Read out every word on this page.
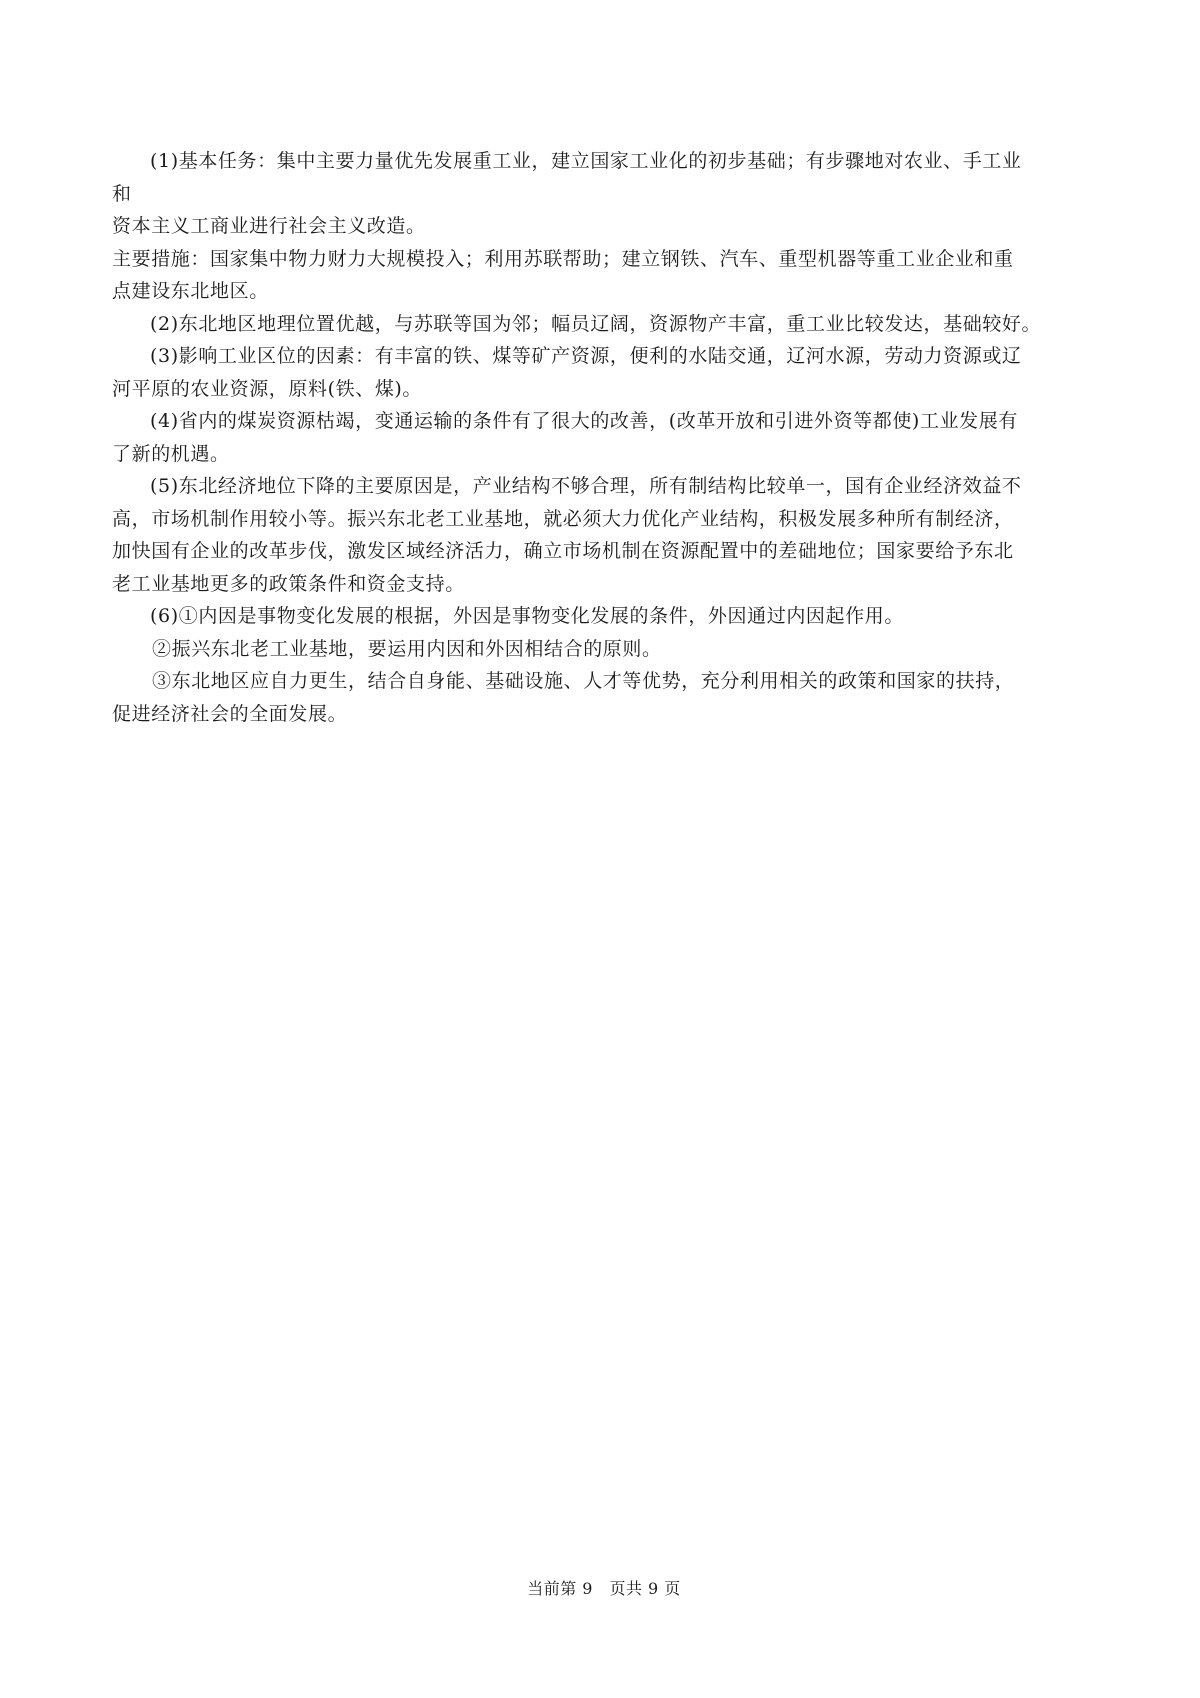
(1)基本任务：集中主要力量优先发展重工业，建立国家工业化的初步基础；有步骤地对农业、手工业
和
资本主义工商业进行社会主义改造。
主要措施：国家集中物力财力大规模投入；利用苏联帮助；建立钢铁、汽车、重型机器等重工业企业和重
点建设东北地区。
(2)东北地区地理位置优越，与苏联等国为邻；幅员辽阔，资源物产丰富，重工业比较发达，基础较好。
(3)影响工业区位的因素：有丰富的铁、煤等矿产资源，便利的水陆交通，辽河水源，劳动力资源或辽
河平原的农业资源，原料(铁、煤)。
(4)省内的煤炭资源枯竭，变通运输的条件有了很大的改善，(改革开放和引进外资等都使)工业发展有
了新的机遇。
(5)东北经济地位下降的主要原因是，产业结构不够合理，所有制结构比较单一，国有企业经济效益不
高，市场机制作用较小等。振兴东北老工业基地，就必须大力优化产业结构，积极发展多种所有制经济，
加快国有企业的改革步伐，激发区域经济活力，确立市场机制在资源配置中的差础地位；国家要给予东北
老工业基地更多的政策条件和资金支持。
(6)①内因是事物变化发展的根据，外因是事物变化发展的条件，外因通过内因起作用。
②振兴东北老工业基地，要运用内因和外因相结合的原则。
③东北地区应自力更生，结合自身能、基础设施、人才等优势，充分利用相关的政策和国家的扶持，
促进经济社会的全面发展。
当前第 9　页共 9 页
